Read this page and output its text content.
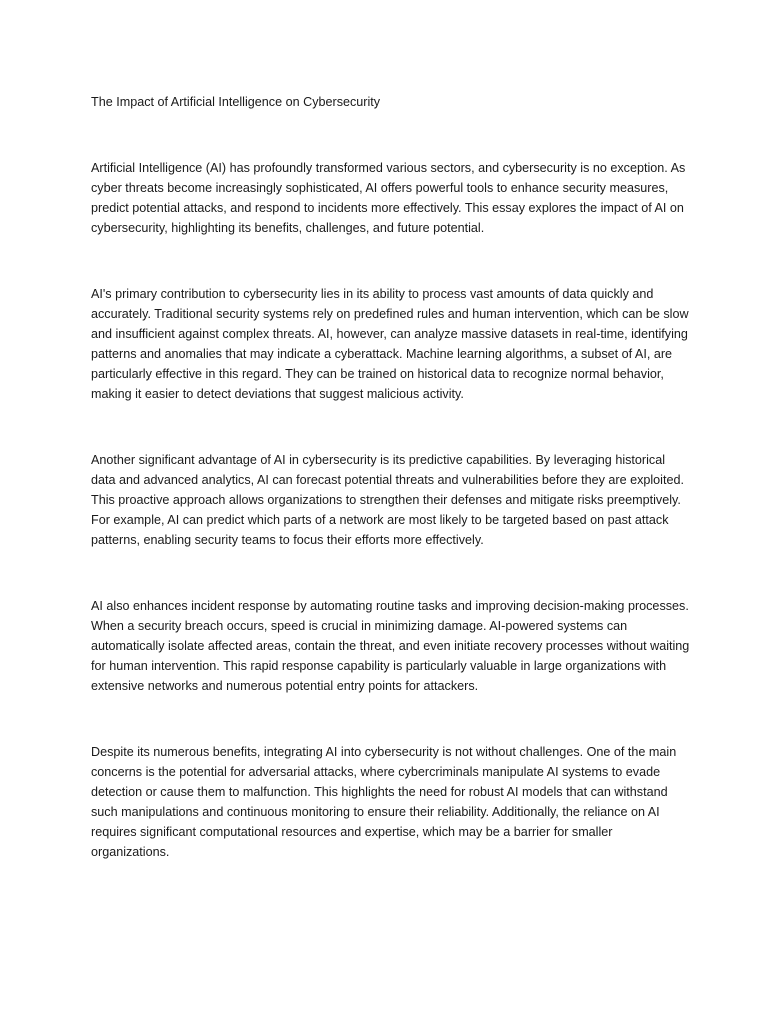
The Impact of Artificial Intelligence on Cybersecurity

Artificial Intelligence (AI) has profoundly transformed various sectors, and cybersecurity is no exception. As cyber threats become increasingly sophisticated, AI offers powerful tools to enhance security measures, predict potential attacks, and respond to incidents more effectively. This essay explores the impact of AI on cybersecurity, highlighting its benefits, challenges, and future potential.

AI's primary contribution to cybersecurity lies in its ability to process vast amounts of data quickly and accurately. Traditional security systems rely on predefined rules and human intervention, which can be slow and insufficient against complex threats. AI, however, can analyze massive datasets in real-time, identifying patterns and anomalies that may indicate a cyberattack. Machine learning algorithms, a subset of AI, are particularly effective in this regard. They can be trained on historical data to recognize normal behavior, making it easier to detect deviations that suggest malicious activity.

Another significant advantage of AI in cybersecurity is its predictive capabilities. By leveraging historical data and advanced analytics, AI can forecast potential threats and vulnerabilities before they are exploited. This proactive approach allows organizations to strengthen their defenses and mitigate risks preemptively. For example, AI can predict which parts of a network are most likely to be targeted based on past attack patterns, enabling security teams to focus their efforts more effectively.

AI also enhances incident response by automating routine tasks and improving decision-making processes. When a security breach occurs, speed is crucial in minimizing damage. AI-powered systems can automatically isolate affected areas, contain the threat, and even initiate recovery processes without waiting for human intervention. This rapid response capability is particularly valuable in large organizations with extensive networks and numerous potential entry points for attackers.

Despite its numerous benefits, integrating AI into cybersecurity is not without challenges. One of the main concerns is the potential for adversarial attacks, where cybercriminals manipulate AI systems to evade detection or cause them to malfunction. This highlights the need for robust AI models that can withstand such manipulations and continuous monitoring to ensure their reliability. Additionally, the reliance on AI requires significant computational resources and expertise, which may be a barrier for smaller organizations.
